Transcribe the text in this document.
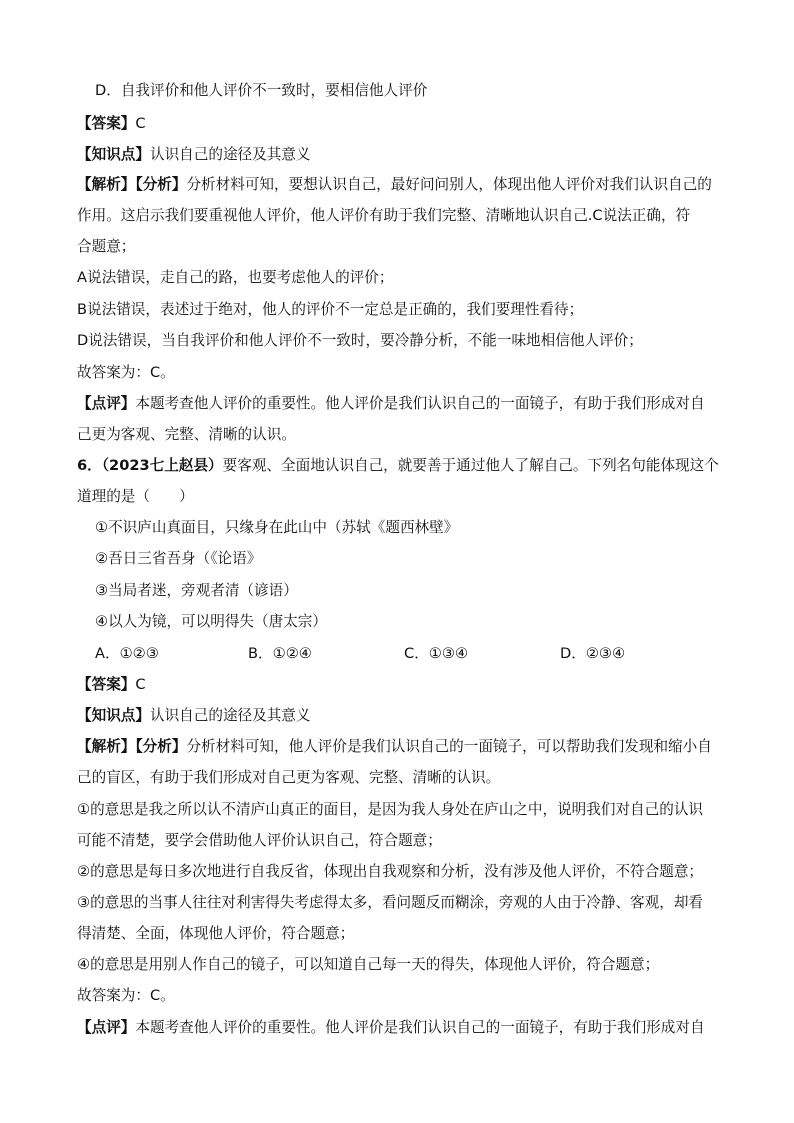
D．自我评价和他人评价不一致时，要相信他人评价
【答案】C
【知识点】认识自己的途径及其意义
【解析】【分析】分析材料可知，要想认识自己，最好问问别人，体现出他人评价对我们认识自己的
作用。这启示我们要重视他人评价，他人评价有助于我们完整、清晰地认识自己.C说法正确，符
合题意；
A说法错误，走自己的路，也要考虑他人的评价；
B说法错误，表述过于绝对，他人的评价不一定总是正确的，我们要理性看待；
D说法错误，当自我评价和他人评价不一致时，要冷静分析，不能一味地相信他人评价；
故答案为：C。
【点评】本题考查他人评价的重要性。他人评价是我们认识自己的一面镜子，有助于我们形成对自
己更为客观、完整、清晰的认识。
6．（2023七上赵县）要客观、全面地认识自己，就要善于通过他人了解自己。下列名句能体现这个
道理的是（　　）
①不识庐山真面目，只缘身在此山中（苏轼《题西林壁》
②吾日三省吾身（《论语》
③当局者迷，旁观者清（谚语）
④以人为镜，可以明得失（唐太宗）
A．①②③	B．①②④	C．①③④	D．②③④
【答案】C
【知识点】认识自己的途径及其意义
【解析】【分析】分析材料可知，他人评价是我们认识自己的一面镜子，可以帮助我们发现和缩小自
己的盲区，有助于我们形成对自己更为客观、完整、清晰的认识。
①的意思是我之所以认不清庐山真正的面目，是因为我人身处在庐山之中，说明我们对自己的认识
可能不清楚，要学会借助他人评价认识自己，符合题意；
②的意思是每日多次地进行自我反省，体现出自我观察和分析，没有涉及他人评价，不符合题意；
③的意思的当事人往往对利害得失考虑得太多，看问题反而糊涂，旁观的人由于冷静、客观，却看
得清楚、全面，体现他人评价，符合题意；
④的意思是用别人作自己的镜子，可以知道自己每一天的得失，体现他人评价，符合题意；
故答案为：C。
【点评】本题考查他人评价的重要性。他人评价是我们认识自己的一面镜子，有助于我们形成对自
